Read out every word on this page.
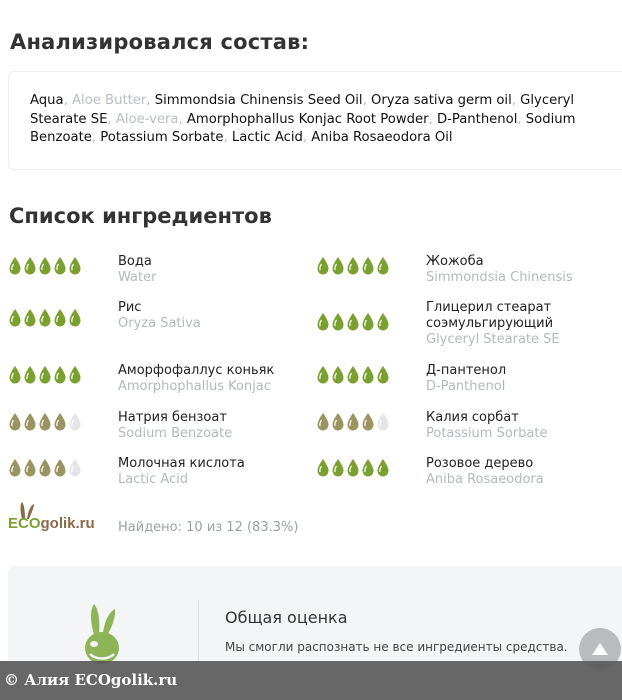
Анализировался состав:
Aqua, Aloe Butter, Simmondsia Chinensis Seed Oil, Oryza sativa germ oil, Glyceryl Stearate SE, Aloe-vera, Amorphophallus Konjac Root Powder, D-Panthenol, Sodium Benzoate, Potassium Sorbate, Lactic Acid, Aniba Rosaeodora Oil
Список ингредиентов
Вода
Water
Жожоба
Simmondsia Chinensis
Рис
Oryza Sativa
Глицерил стеарат соэмульгирующий
Glyceryl Stearate SE
Аморфофаллус коньяк
Amorphophallus Konjac
Д-пантенол
D-Panthenol
Натрия бензоат
Sodium Benzoate
Калия сорбат
Potassium Sorbate
Молочная кислота
Lactic Acid
Розовое дерево
Aniba Rosaeodora
ECOgolik.ru Найдено: 10 из 12 (83.3%)
Общая оценка
Мы смогли распознать не все ингредиенты средства.
© Алия ECOgolik.ru
